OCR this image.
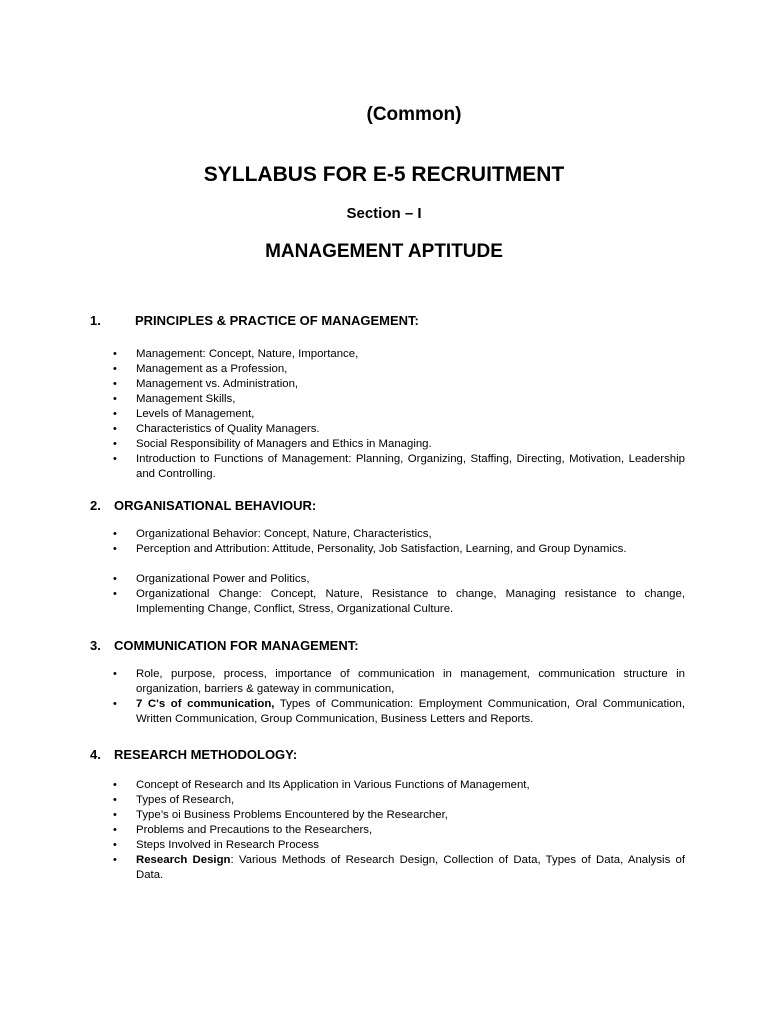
(Common)
SYLLABUS FOR E-5 RECRUITMENT
Section – I
MANAGEMENT APTITUDE
1.	PRINCIPLES & PRACTICE OF MANAGEMENT:
• Management: Concept, Nature, Importance,
• Management as a Profession,
• Management vs. Administration,
• Management Skills,
• Levels of Management,
• Characteristics of Quality Managers.
• Social Responsibility of Managers and Ethics in Managing.
• Introduction to Functions of Management: Planning, Organizing, Staffing, Directing, Motivation, Leadership and Controlling.
2. ORGANISATIONAL BEHAVIOUR:
• Organizational Behavior: Concept, Nature, Characteristics,
• Perception and Attribution: Attitude, Personality, Job Satisfaction, Learning, and Group Dynamics.
• Organizational Power and Politics,
• Organizational Change: Concept, Nature, Resistance to change, Managing resistance to change, Implementing Change, Conflict, Stress, Organizational Culture.
3. COMMUNICATION FOR MANAGEMENT:
• Role, purpose, process, importance of communication in management, communication structure in organization, barriers & gateway in communication,
• 7 C's of communication, Types of Communication: Employment Communication, Oral Communication, Written Communication, Group Communication, Business Letters and Reports.
4. RESEARCH METHODOLOGY:
• Concept of Research and Its Application in Various Functions of Management,
• Types of Research,
• Type’s oi Business Problems Encountered by the Researcher,
• Problems and Precautions to the Researchers,
• Steps Involved in Research Process
• Research Design: Various Methods of Research Design, Collection of Data, Types of Data, Analysis of Data.
